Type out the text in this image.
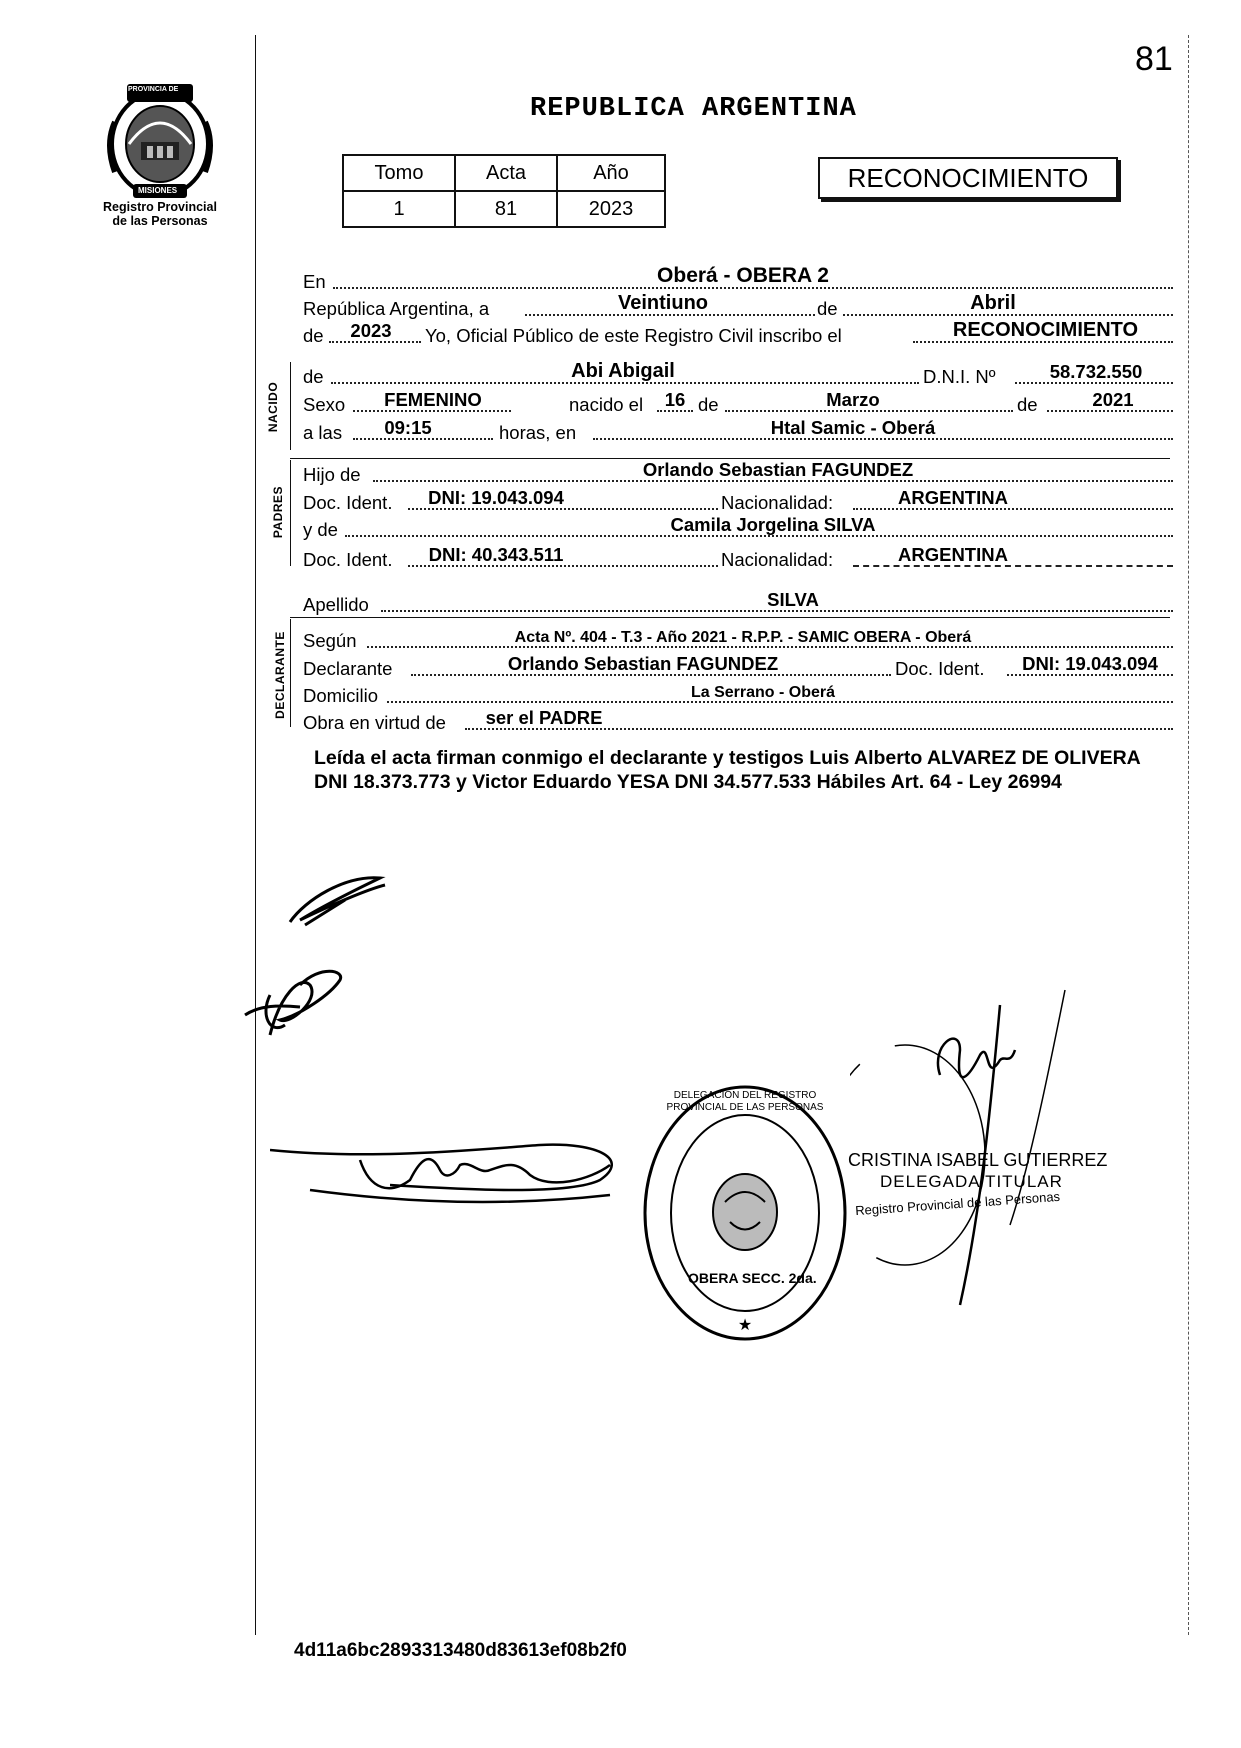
81
REPUBLICA ARGENTINA
PROVINCIA DE
MISIONES
Registro Provincial
de las Personas
Tomo	Acta	Año
1	81	2023
RECONOCIMIENTO
En	Oberá - OBERA 2
República Argentina, a	Veintiuno	de	Abril
de	2023	Yo, Oficial Público de este Registro Civil inscribo el	RECONOCIMIENTO
NACIDO
de	Abi Abigail	D.N.I. Nº	58.732.550
Sexo	FEMENINO	nacido el	16 de	Marzo	de	2021
a las	09:15	horas, en	Htal Samic - Oberá
PADRES
Hijo de	Orlando Sebastian FAGUNDEZ
Doc. Ident.	DNI: 19.043.094	Nacionalidad:	ARGENTINA
y de	Camila Jorgelina SILVA
Doc. Ident.	DNI: 40.343.511	Nacionalidad:	ARGENTINA
Apellido	SILVA
DECLARANTE Según	Acta Nº. 404 - T.3 - Año 2021 - R.P.P. - SAMIC OBERA - Oberá
Declarante	Orlando Sebastian FAGUNDEZ	Doc. Ident.	DNI: 19.043.094
Domicilio	La Serrano - Oberá
Obra en virtud de	ser el PADRE
Leída el acta firman conmigo el declarante y testigos Luis Alberto ALVAREZ DE OLIVERA DNI 18.373.773 y Victor Eduardo YESA DNI 34.577.533 Hábiles Art. 64 - Ley 26994
★
DELEGACION DEL REGISTRO PROVINCIAL DE LAS PERSONAS
OBERA SECC. 2da.
CRISTINA ISABEL GUTIERREZ
DELEGADA TITULAR
Registro Provincial de las Personas
4d11a6bc2893313480d83613ef08b2f0
